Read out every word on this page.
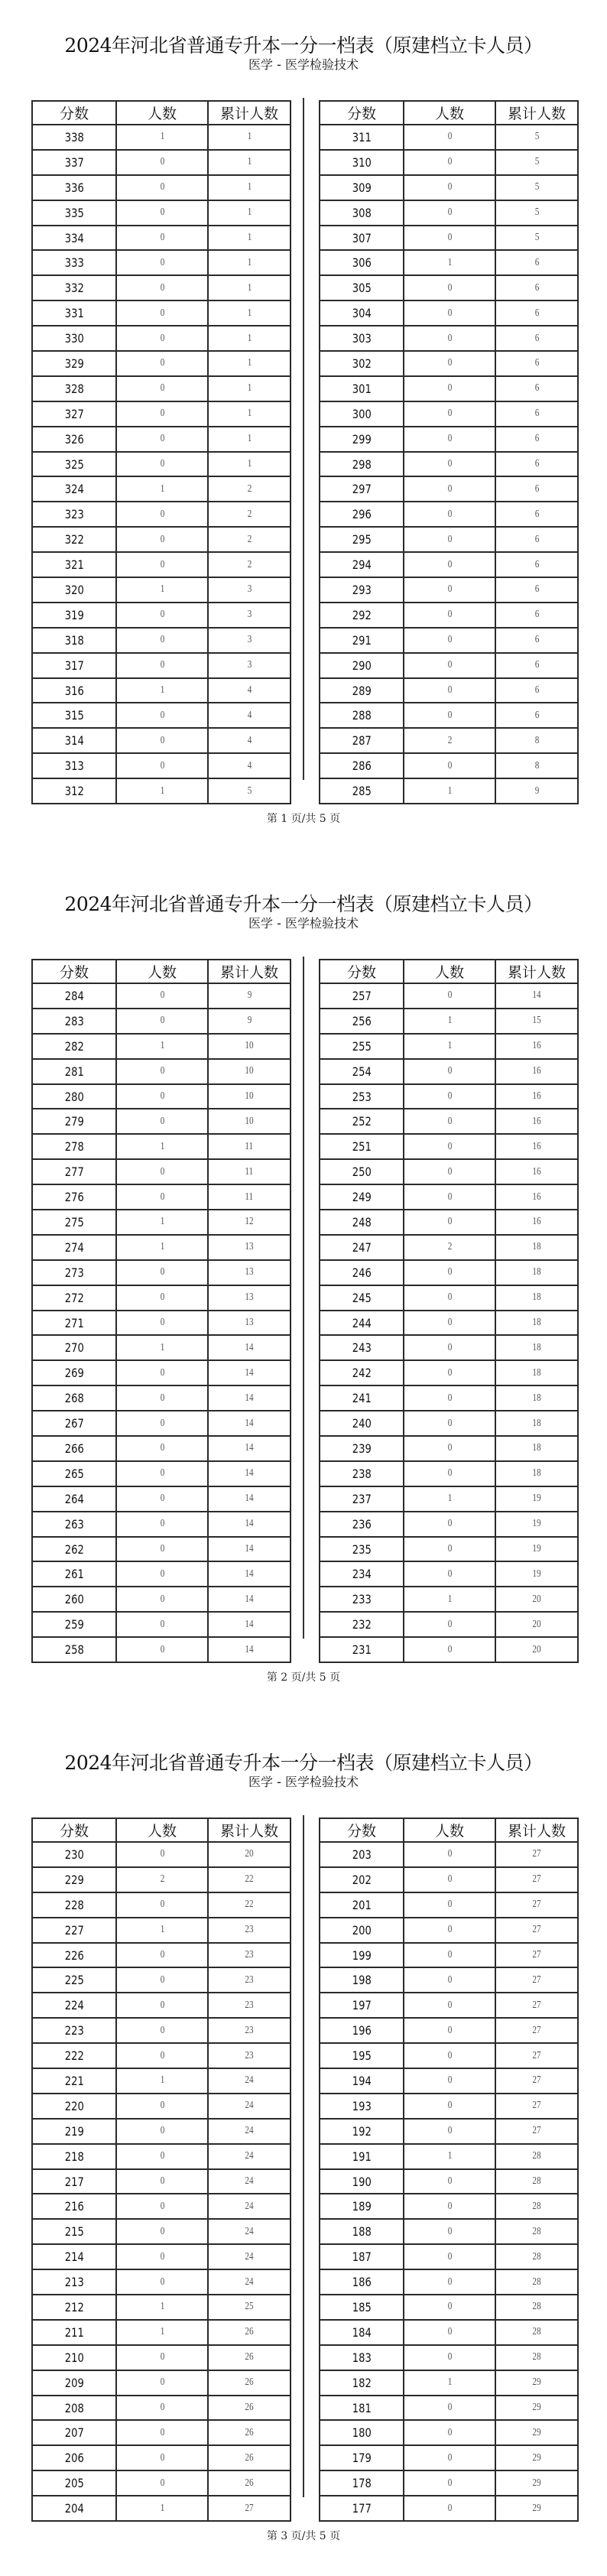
2024年河北省普通专升本一分一档表（原建档立卡人员）
医学 - 医学检验技术
分数	人数	累计人数
338	1	1
337	0	1
336	0	1
335	0	1
334	0	1
333	0	1
332	0	1
331	0	1
330	0	1
329	0	1
328	0	1
327	0	1
326	0	1
325	0	1
324	1	2
323	0	2
322	0	2
321	0	2
320	1	3
319	0	3
318	0	3
317	0	3
316	1	4
315	0	4
314	0	4
313	0	4
312	1	5
分数	人数	累计人数
311	0	5
310	0	5
309	0	5
308	0	5
307	0	5
306	1	6
305	0	6
304	0	6
303	0	6
302	0	6
301	0	6
300	0	6
299	0	6
298	0	6
297	0	6
296	0	6
295	0	6
294	0	6
293	0	6
292	0	6
291	0	6
290	0	6
289	0	6
288	0	6
287	2	8
286	0	8
285	1	9
第 1 页/共 5 页
2024年河北省普通专升本一分一档表（原建档立卡人员）
医学 - 医学检验技术
分数	人数	累计人数
284	0	9
283	0	9
282	1	10
281	0	10
280	0	10
279	0	10
278	1	11
277	0	11
276	0	11
275	1	12
274	1	13
273	0	13
272	0	13
271	0	13
270	1	14
269	0	14
268	0	14
267	0	14
266	0	14
265	0	14
264	0	14
263	0	14
262	0	14
261	0	14
260	0	14
259	0	14
258	0	14
分数	人数	累计人数
257	0	14
256	1	15
255	1	16
254	0	16
253	0	16
252	0	16
251	0	16
250	0	16
249	0	16
248	0	16
247	2	18
246	0	18
245	0	18
244	0	18
243	0	18
242	0	18
241	0	18
240	0	18
239	0	18
238	0	18
237	1	19
236	0	19
235	0	19
234	0	19
233	1	20
232	0	20
231	0	20
第 2 页/共 5 页
2024年河北省普通专升本一分一档表（原建档立卡人员）
医学 - 医学检验技术
分数	人数	累计人数
230	0	20
229	2	22
228	0	22
227	1	23
226	0	23
225	0	23
224	0	23
223	0	23
222	0	23
221	1	24
220	0	24
219	0	24
218	0	24
217	0	24
216	0	24
215	0	24
214	0	24
213	0	24
212	1	25
211	1	26
210	0	26
209	0	26
208	0	26
207	0	26
206	0	26
205	0	26
204	1	27
分数	人数	累计人数
203	0	27
202	0	27
201	0	27
200	0	27
199	0	27
198	0	27
197	0	27
196	0	27
195	0	27
194	0	27
193	0	27
192	0	27
191	1	28
190	0	28
189	0	28
188	0	28
187	0	28
186	0	28
185	0	28
184	0	28
183	0	28
182	1	29
181	0	29
180	0	29
179	0	29
178	0	29
177	0	29
第 3 页/共 5 页
